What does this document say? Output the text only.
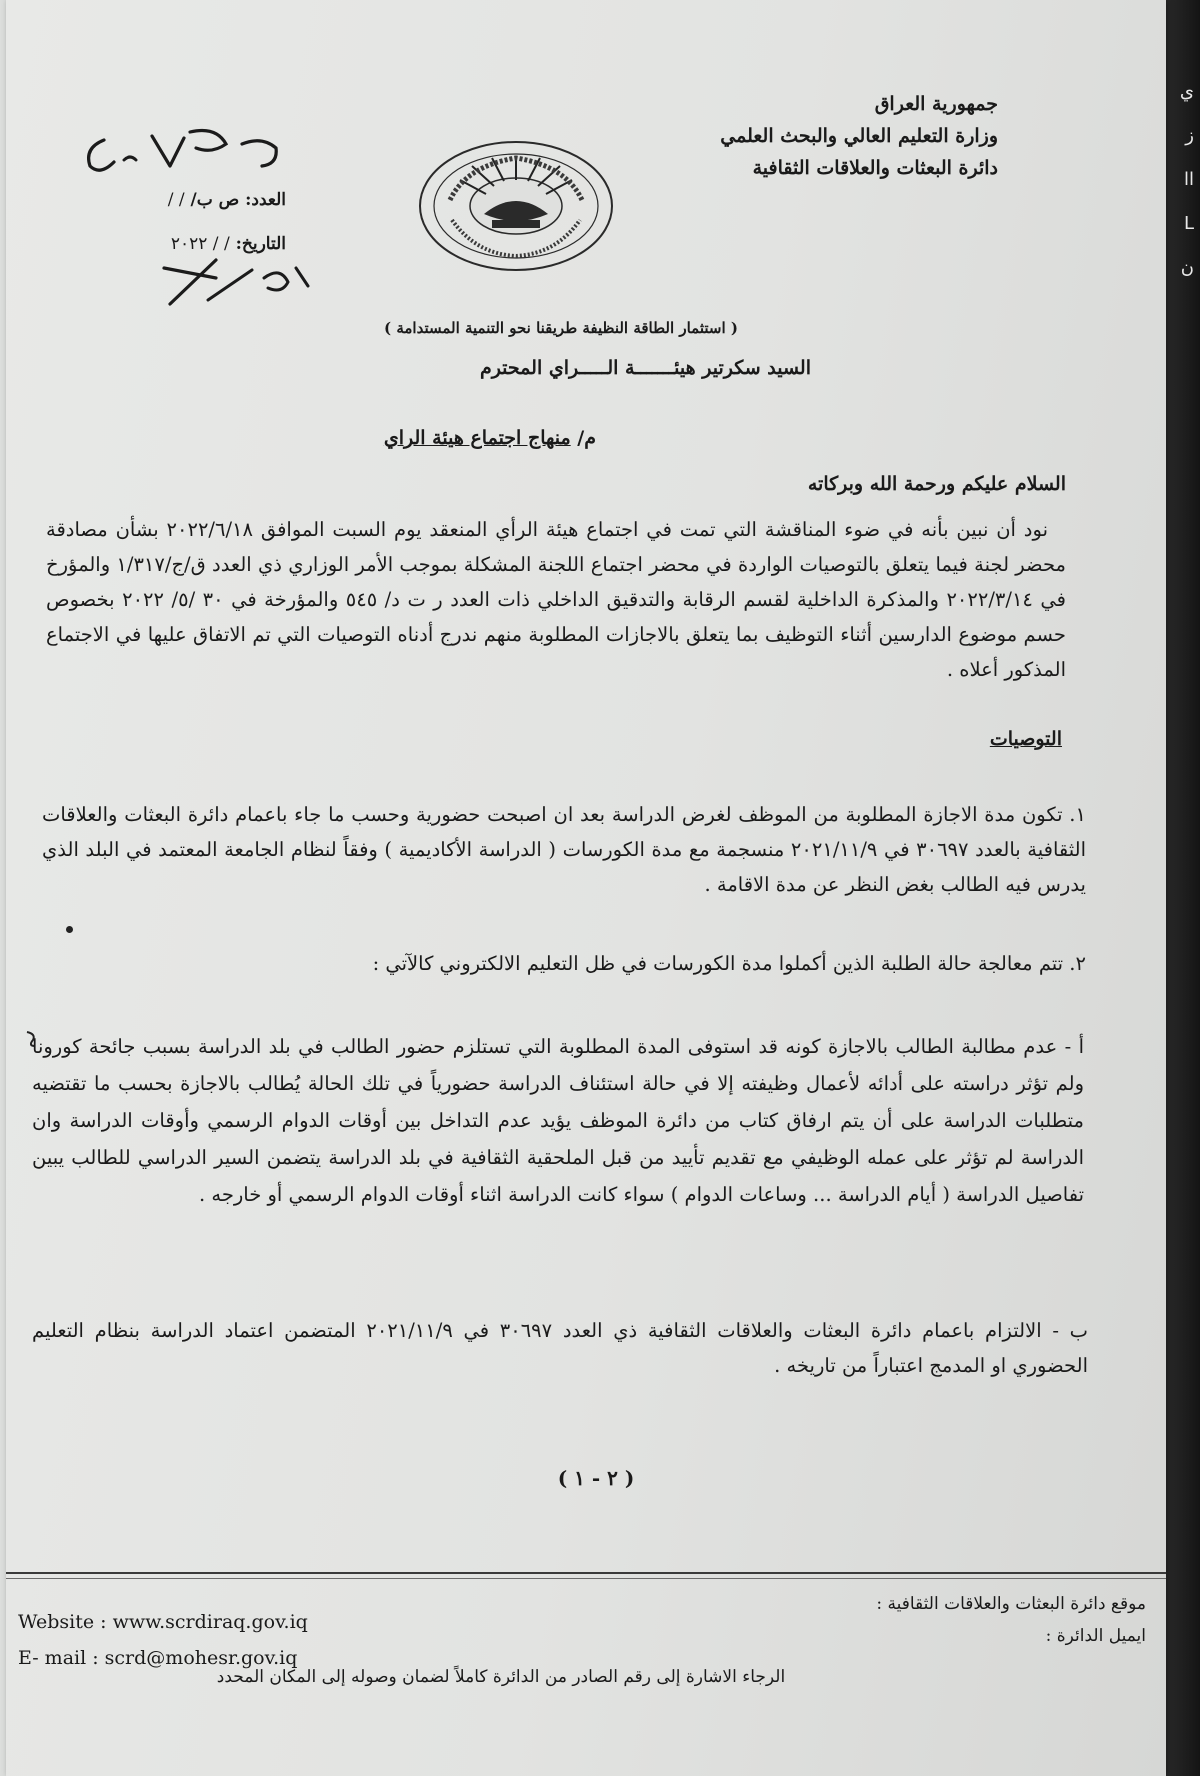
ي
ز
ll
L
ن
جمهورية العراق
وزارة التعليم العالي والبحث العلمي
دائرة البعثات والعلاقات الثقافية
العدد: ص ب/ / /
التاريخ: / / ٢٠٢٢
( استثمار الطاقة النظيفة طريقنا نحو التنمية المستدامة )
السيد سكرتير هيئـــــــة الـــــراي المحترم
م/ منهاج اجتماع هيئة الراي
السلام عليكم ورحمة الله وبركاته
نود أن نبين بأنه في ضوء المناقشة التي تمت في اجتماع هيئة الرأي المنعقد يوم السبت الموافق ٢٠٢٢/٦/١٨ بشأن مصادقة محضر لجنة فيما يتعلق بالتوصيات الواردة في محضر اجتماع اللجنة المشكلة بموجب الأمر الوزاري ذي العدد ق/ج/١/٣١٧ والمؤرخ في ٢٠٢٢/٣/١٤ والمذكرة الداخلية لقسم الرقابة والتدقيق الداخلي ذات العدد ر ت د/ ٥٤٥ والمؤرخة في ٣٠ /٥/ ٢٠٢٢ بخصوص حسم موضوع الدارسين أثناء التوظيف بما يتعلق بالاجازات المطلوبة منهم ندرج أدناه التوصيات التي تم الاتفاق عليها في الاجتماع المذكور أعلاه .
التوصيات
١. تكون مدة الاجازة المطلوبة من الموظف لغرض الدراسة بعد ان اصبحت حضورية وحسب ما جاء باعمام دائرة البعثات والعلاقات الثقافية بالعدد ٣٠٦٩٧ في ٢٠٢١/١١/٩ منسجمة مع مدة الكورسات ( الدراسة الأكاديمية ) وفقاً لنظام الجامعة المعتمد في البلد الذي يدرس فيه الطالب بغض النظر عن مدة الاقامة .
٢. تتم معالجة حالة الطلبة الذين أكملوا مدة الكورسات في ظل التعليم الالكتروني كالآتي :
أ - عدم مطالبة الطالب بالاجازة كونه قد استوفى المدة المطلوبة التي تستلزم حضور الطالب في بلد الدراسة بسبب جائحة كورونا ولم تؤثر دراسته على أدائه لأعمال وظيفته إلا في حالة استئناف الدراسة حضورياً في تلك الحالة يُطالب بالاجازة بحسب ما تقتضيه متطلبات الدراسة على أن يتم ارفاق كتاب من دائرة الموظف يؤيد عدم التداخل بين أوقات الدوام الرسمي وأوقات الدراسة وان الدراسة لم تؤثر على عمله الوظيفي مع تقديم تأييد من قبل الملحقية الثقافية في بلد الدراسة يتضمن السير الدراسي للطالب يبين تفاصيل الدراسة ( أيام الدراسة ... وساعات الدوام ) سواء كانت الدراسة اثناء أوقات الدوام الرسمي أو خارجه .
ب - الالتزام باعمام دائرة البعثات والعلاقات الثقافية ذي العدد ٣٠٦٩٧ في ٢٠٢١/١١/٩ المتضمن اعتماد الدراسة بنظام التعليم الحضوري او المدمج اعتباراً من تاريخه .
( ٢ - ١ )
موقع دائرة البعثات والعلاقات الثقافية :
ايميل الدائرة :
Website : www.scrdiraq.gov.iq
E- mail : scrd@mohesr.gov.iq
الرجاء الاشارة إلى رقم الصادر من الدائرة كاملاً لضمان وصوله إلى المكان المحدد
